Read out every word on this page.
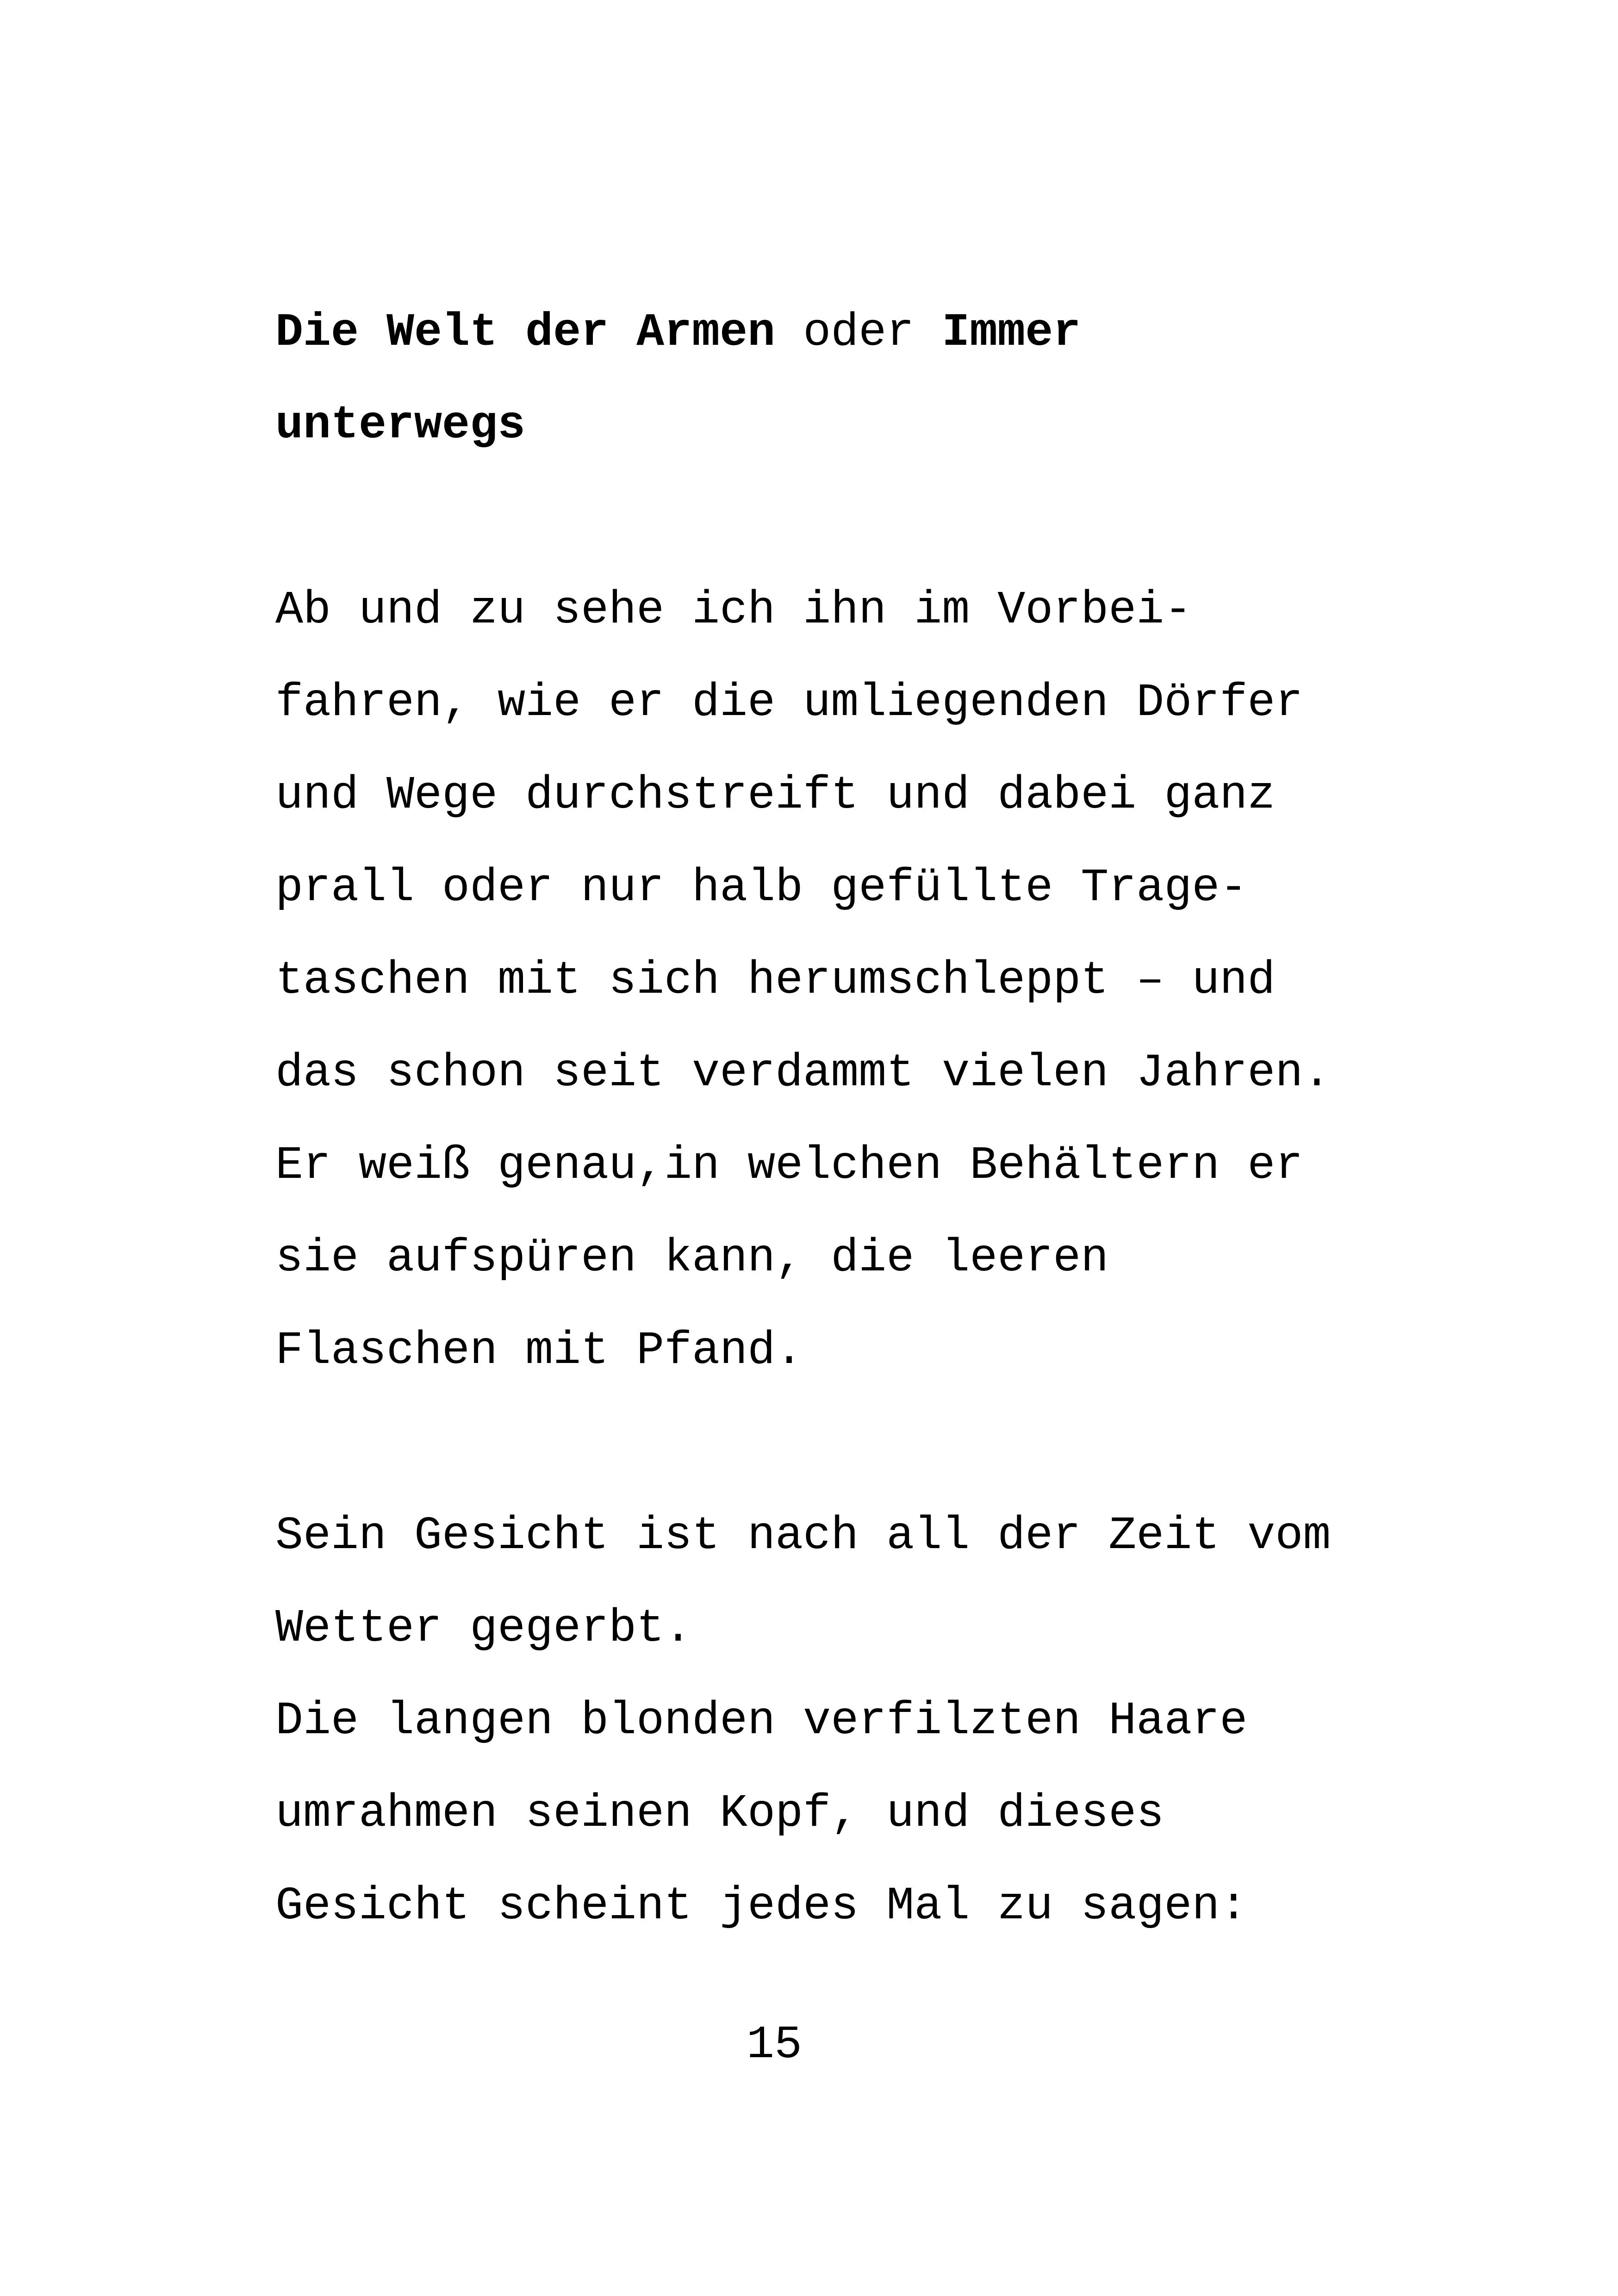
Die Welt der Armen oder Immer
unterwegs
Ab und zu sehe ich ihn im Vorbei-
fahren, wie er die umliegenden Dörfer
und Wege durchstreift und dabei ganz
prall oder nur halb gefüllte Trage-
taschen mit sich herumschleppt – und
das schon seit verdammt vielen Jahren.
Er weiß genau,in welchen Behältern er
sie aufspüren kann, die leeren
Flaschen mit Pfand.
Sein Gesicht ist nach all der Zeit vom
Wetter gegerbt.
Die langen blonden verfilzten Haare
umrahmen seinen Kopf, und dieses
Gesicht scheint jedes Mal zu sagen:
15
